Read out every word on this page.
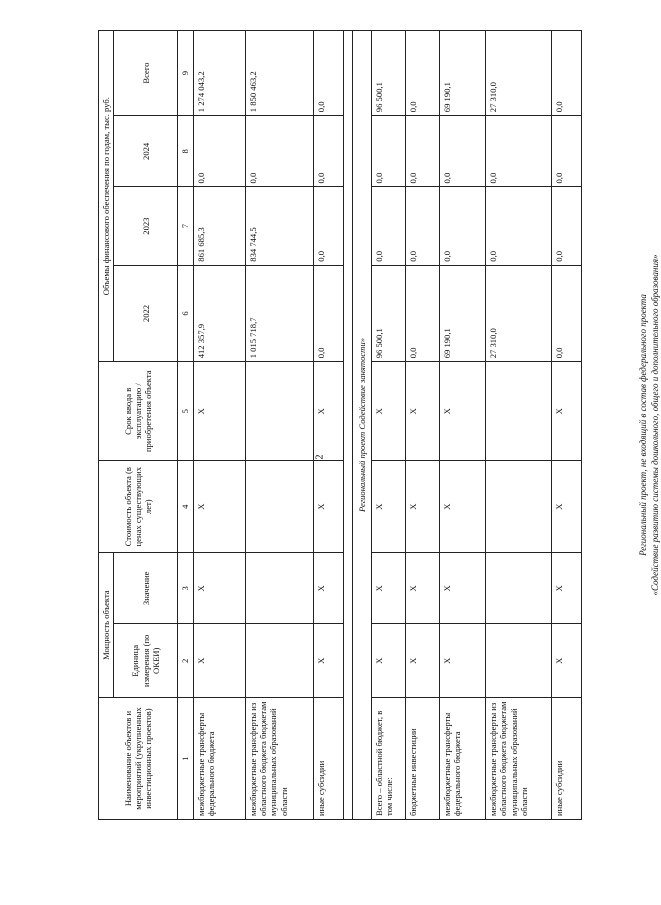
2
Наименование объектов и мероприятий (укрупненных инвестиционных проектов)	Мощность объекта		Стоимость объекта (в ценах существующих лет)	Срок ввода в эксплуатацию / приобретения объекта	Объемы финансового обеспечения по годам, тыс. руб.			
	Единица измерения (по ОКЕИ)	Значение			2022	2023	2024	Всего
1	2	3	4	5	6	7	8	9
межбюджетные трансферты федерального бюджета	X	X	X	X	412 357,9	861 685,3	0,0	1 274 043,2
межбюджетные трансферты из областного бюджета бюджетам муниципальных образований области					1 015 718,7	834 744,5	0,0	1 850 463,2
иные субсидии	X	X	X	X	0,0	0,0	0,0	0,0

Региональный проект Содействие занятости»								
Всего – областной бюджет, в том числе:	X	X	X	X	96 500,1	0,0	0,0	96 500,1
бюджетные инвестиции	X	X	X	X	0,0	0,0	0,0	0,0
межбюджетные трансферты федерального бюджета	X	X	X	X	69 190,1	0,0	0,0	69 190,1
межбюджетные трансферты из областного бюджета бюджетам муниципальных образований области					27 310,0	0,0	0,0	27 310,0
иные субсидии	X	X	X	X	0,0	0,0	0,0	0,0
Региональный проект, не входящий в состав федерального проекта «Содействие развитию системы дошкольного, общего и дополнительного образования»
